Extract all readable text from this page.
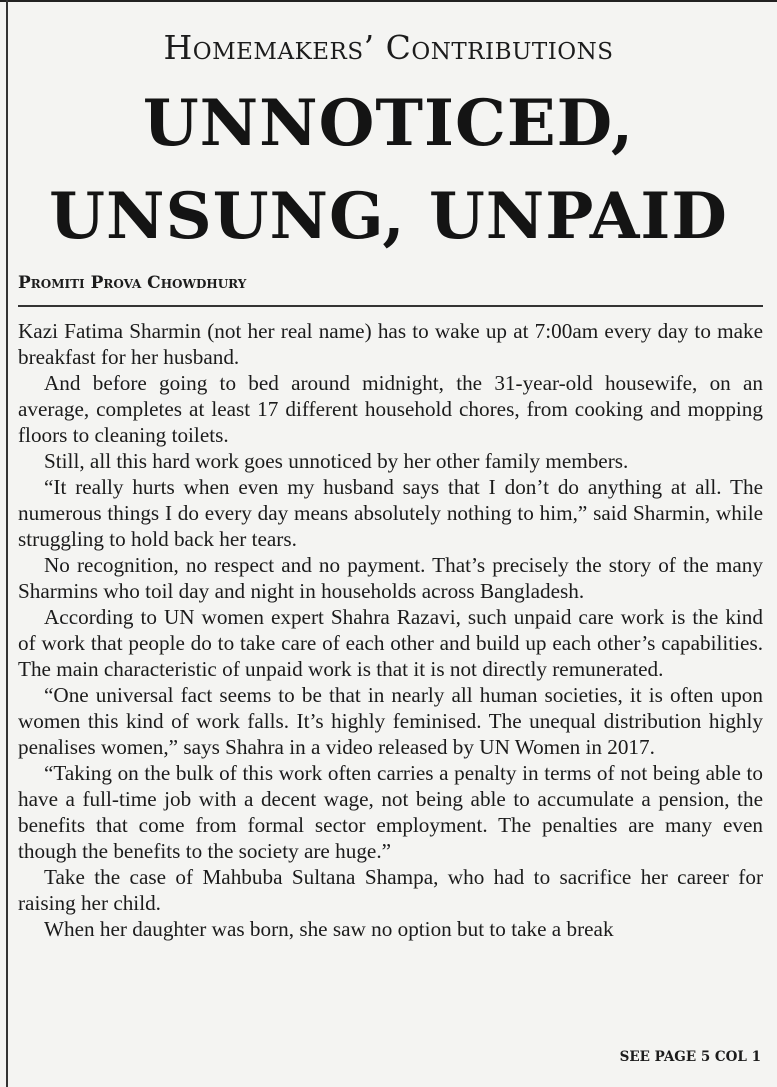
Homemakers’ Contributions
UNNOTICED,
UNSUNG, UNPAID
Promiti Prova Chowdhury

Kazi Fatima Sharmin (not her real name) has to wake up at 7:00am every day to make breakfast for her husband.

And before going to bed around midnight, the 31-year-old housewife, on an average, completes at least 17 different household chores, from cooking and mopping floors to cleaning toilets.

Still, all this hard work goes unnoticed by her other family members.

“It really hurts when even my husband says that I don’t do anything at all. The numerous things I do every day means absolutely nothing to him,” said Sharmin, while struggling to hold back her tears.

No recognition, no respect and no payment. That’s precisely the story of the many Sharmins who toil day and night in households across Bangladesh.

According to UN women expert Shahra Razavi, such unpaid care work is the kind of work that people do to take care of each other and build up each other’s capabilities. The main characteristic of unpaid work is that it is not directly remunerated.

“One universal fact seems to be that in nearly all human societies, it is often upon women this kind of work falls. It’s highly feminised. The unequal distribution highly penalises women,” says Shahra in a video released by UN Women in 2017.

“Taking on the bulk of this work often carries a penalty in terms of not being able to have a full-time job with a decent wage, not being able to accumulate a pension, the benefits that come from formal sector employment. The penalties are many even though the benefits to the society are huge.”

Take the case of Mahbuba Sultana Shampa, who had to sacrifice her career for raising her child.

When her daughter was born, she saw no option but to take a break

SEE PAGE 5 COL 1
